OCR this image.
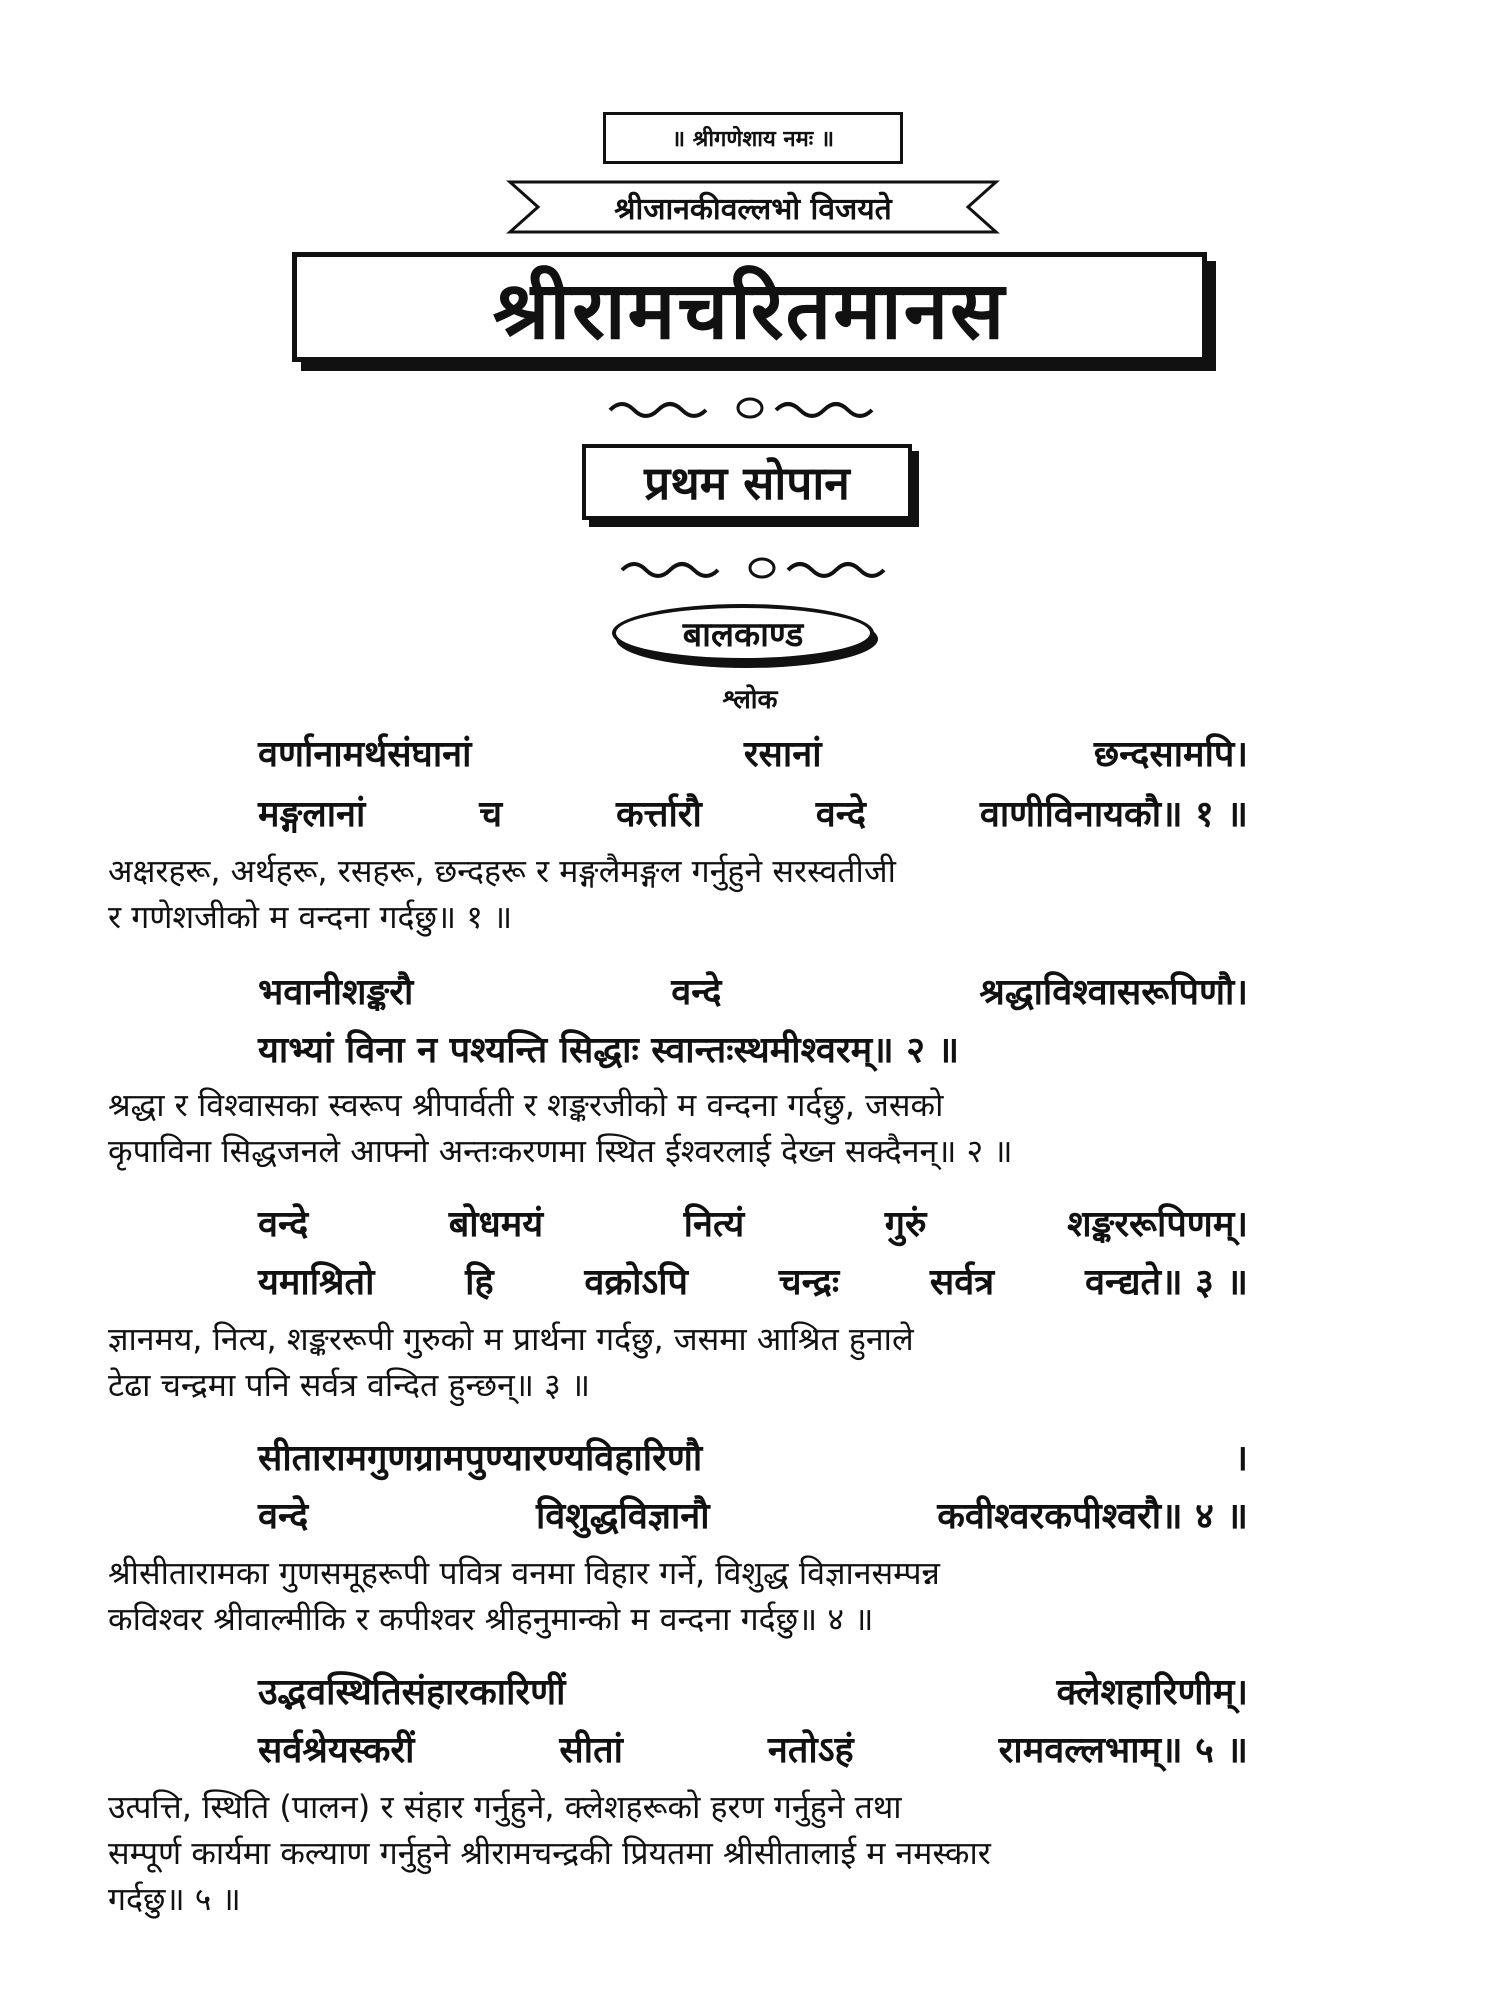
॥ श्रीगणेशाय नमः ॥
श्रीजानकीवल्लभो विजयते
श्रीरामचरितमानस
प्रथम सोपान
बालकाण्ड
श्लोक
वर्णानामर्थसंघानां	रसानां	छन्दसामपि।
मङ्गलानां	च	कर्त्तारौ	वन्दे	वाणीविनायकौ॥ १ ॥
अक्षरहरू, अर्थहरू, रसहरू, छन्दहरू र मङ्गलैमङ्गल गर्नुहुने सरस्वतीजी
र गणेशजीको म वन्दना गर्दछु॥ १ ॥
भवानीशङ्करौ	वन्दे	श्रद्धाविश्वासरूपिणौ।
याभ्यां विना न पश्यन्ति सिद्धाः स्वान्तःस्थमीश्वरम्॥ २ ॥
श्रद्धा र विश्वासका स्वरूप श्रीपार्वती र शङ्करजीको म वन्दना गर्दछु, जसको
कृपाविना सिद्धजनले आफ्नो अन्तःकरणमा स्थित ईश्वरलाई देख्न सक्दैनन्॥ २ ॥
वन्दे	बोधमयं	नित्यं	गुरुं	शङ्कररूपिणम्।
यमाश्रितो	हि	वक्रोऽपि	चन्द्रः	सर्वत्र	वन्द्यते॥ ३ ॥
ज्ञानमय, नित्य, शङ्कररूपी गुरुको म प्रार्थना गर्दछु, जसमा आश्रित हुनाले
टेढा चन्द्रमा पनि सर्वत्र वन्दित हुन्छन्॥ ३ ॥
सीतारामगुणग्रामपुण्यारण्यविहारिणौ	।
वन्दे	विशुद्धविज्ञानौ	कवीश्वरकपीश्वरौ॥ ४ ॥
श्रीसीतारामका गुणसमूहरूपी पवित्र वनमा विहार गर्ने, विशुद्ध विज्ञानसम्पन्न
कविश्वर श्रीवाल्मीकि र कपीश्वर श्रीहनुमान्को म वन्दना गर्दछु॥ ४ ॥
उद्भवस्थितिसंहारकारिणीं	क्लेशहारिणीम्।
सर्वश्रेयस्करीं	सीतां	नतोऽहं	रामवल्लभाम्॥ ५ ॥
उत्पत्ति, स्थिति (पालन) र संहार गर्नुहुने, क्लेशहरूको हरण गर्नुहुने तथा
सम्पूर्ण कार्यमा कल्याण गर्नुहुने श्रीरामचन्द्रकी प्रियतमा श्रीसीतालाई म नमस्कार
गर्दछु॥ ५ ॥
